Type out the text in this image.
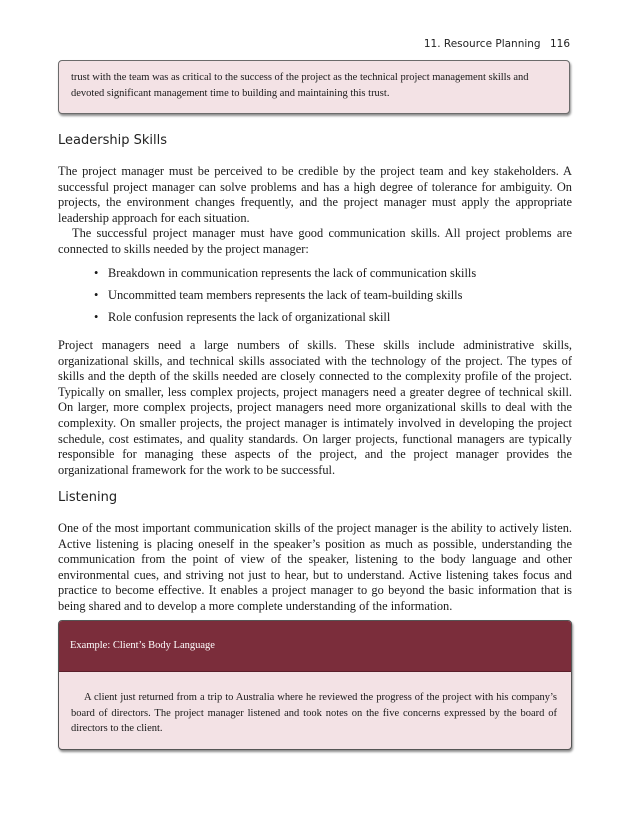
11. Resource Planning 116

trust with the team was as critical to the success of the project as the technical project management skills and devoted significant management time to building and maintaining this trust.

Leadership Skills

The project manager must be perceived to be credible by the project team and key stakeholders. A successful project manager can solve problems and has a high degree of tolerance for ambiguity. On projects, the environment changes frequently, and the project manager must apply the appropriate leadership approach for each situation.

The successful project manager must have good communication skills. All project problems are connected to skills needed by the project manager:

• Breakdown in communication represents the lack of communication skills
• Uncommitted team members represents the lack of team-building skills
• Role confusion represents the lack of organizational skill

Project managers need a large numbers of skills. These skills include administrative skills, organizational skills, and technical skills associated with the technology of the project. The types of skills and the depth of the skills needed are closely connected to the complexity profile of the project. Typically on smaller, less complex projects, project managers need a greater degree of technical skill. On larger, more complex projects, project managers need more organizational skills to deal with the complexity. On smaller projects, the project manager is intimately involved in developing the project schedule, cost estimates, and quality standards. On larger projects, functional managers are typically responsible for managing these aspects of the project, and the project manager provides the organizational framework for the work to be successful.

Listening

One of the most important communication skills of the project manager is the ability to actively listen. Active listening is placing oneself in the speaker’s position as much as possible, understanding the communication from the point of view of the speaker, listening to the body language and other environmental cues, and striving not just to hear, but to understand. Active listening takes focus and practice to become effective. It enables a project manager to go beyond the basic information that is being shared and to develop a more complete understanding of the information.

Example: Client’s Body Language

A client just returned from a trip to Australia where he reviewed the progress of the project with his company’s board of directors. The project manager listened and took notes on the five concerns expressed by the board of directors to the client.
